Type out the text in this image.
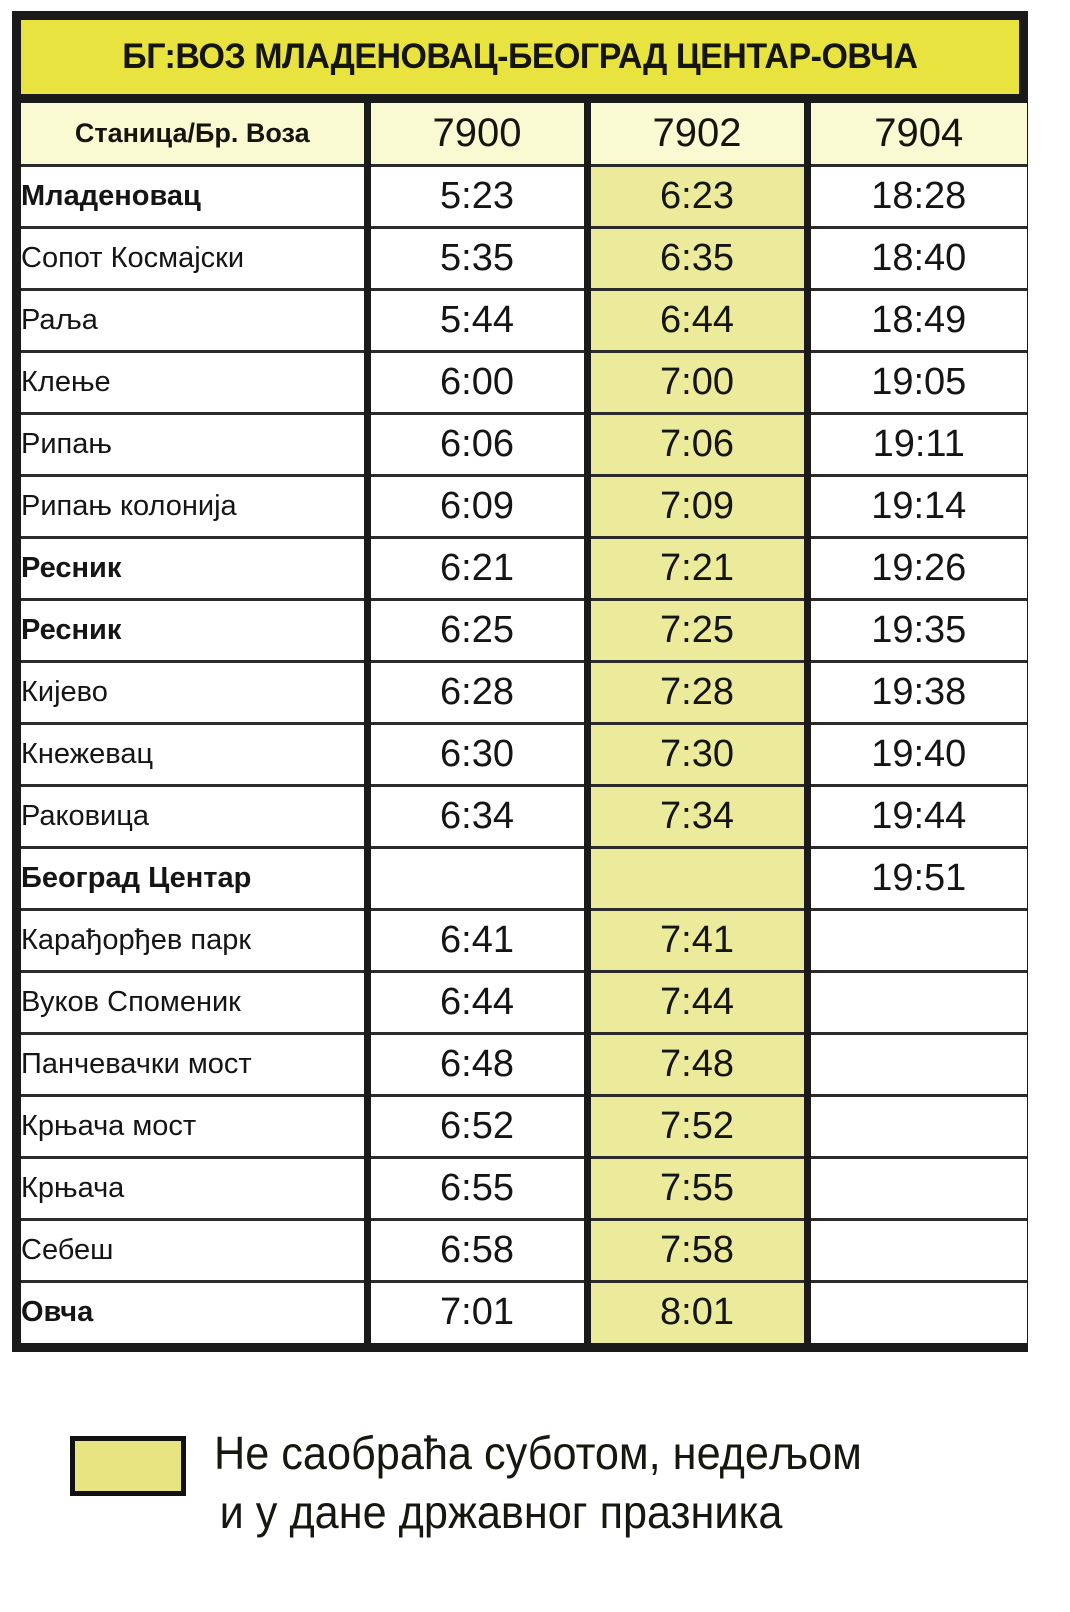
БГ:ВОЗ МЛАДЕНОВАЦ-БЕОГРАД ЦЕНТАР-ОВЧА
Станица/Бр. Воза	7900	7902	7904
Младеновац	5:23	6:23	18:28
Сопот Космајски	5:35	6:35	18:40
Раља	5:44	6:44	18:49
Клење	6:00	7:00	19:05
Рипањ	6:06	7:06	19:11
Рипањ колонија	6:09	7:09	19:14
Ресник	6:21	7:21	19:26
Ресник	6:25	7:25	19:35
Кијево	6:28	7:28	19:38
Кнежевац	6:30	7:30	19:40
Раковица	6:34	7:34	19:44
Београд Центар			19:51
Карађорђев парк	6:41	7:41	
Вуков Споменик	6:44	7:44	
Панчевачки мост	6:48	7:48	
Крњача мост	6:52	7:52	
Крњача	6:55	7:55	
Себеш	6:58	7:58	
Овча	7:01	8:01	
Не саобраћа суботом, недељом
и у дане државног празника
